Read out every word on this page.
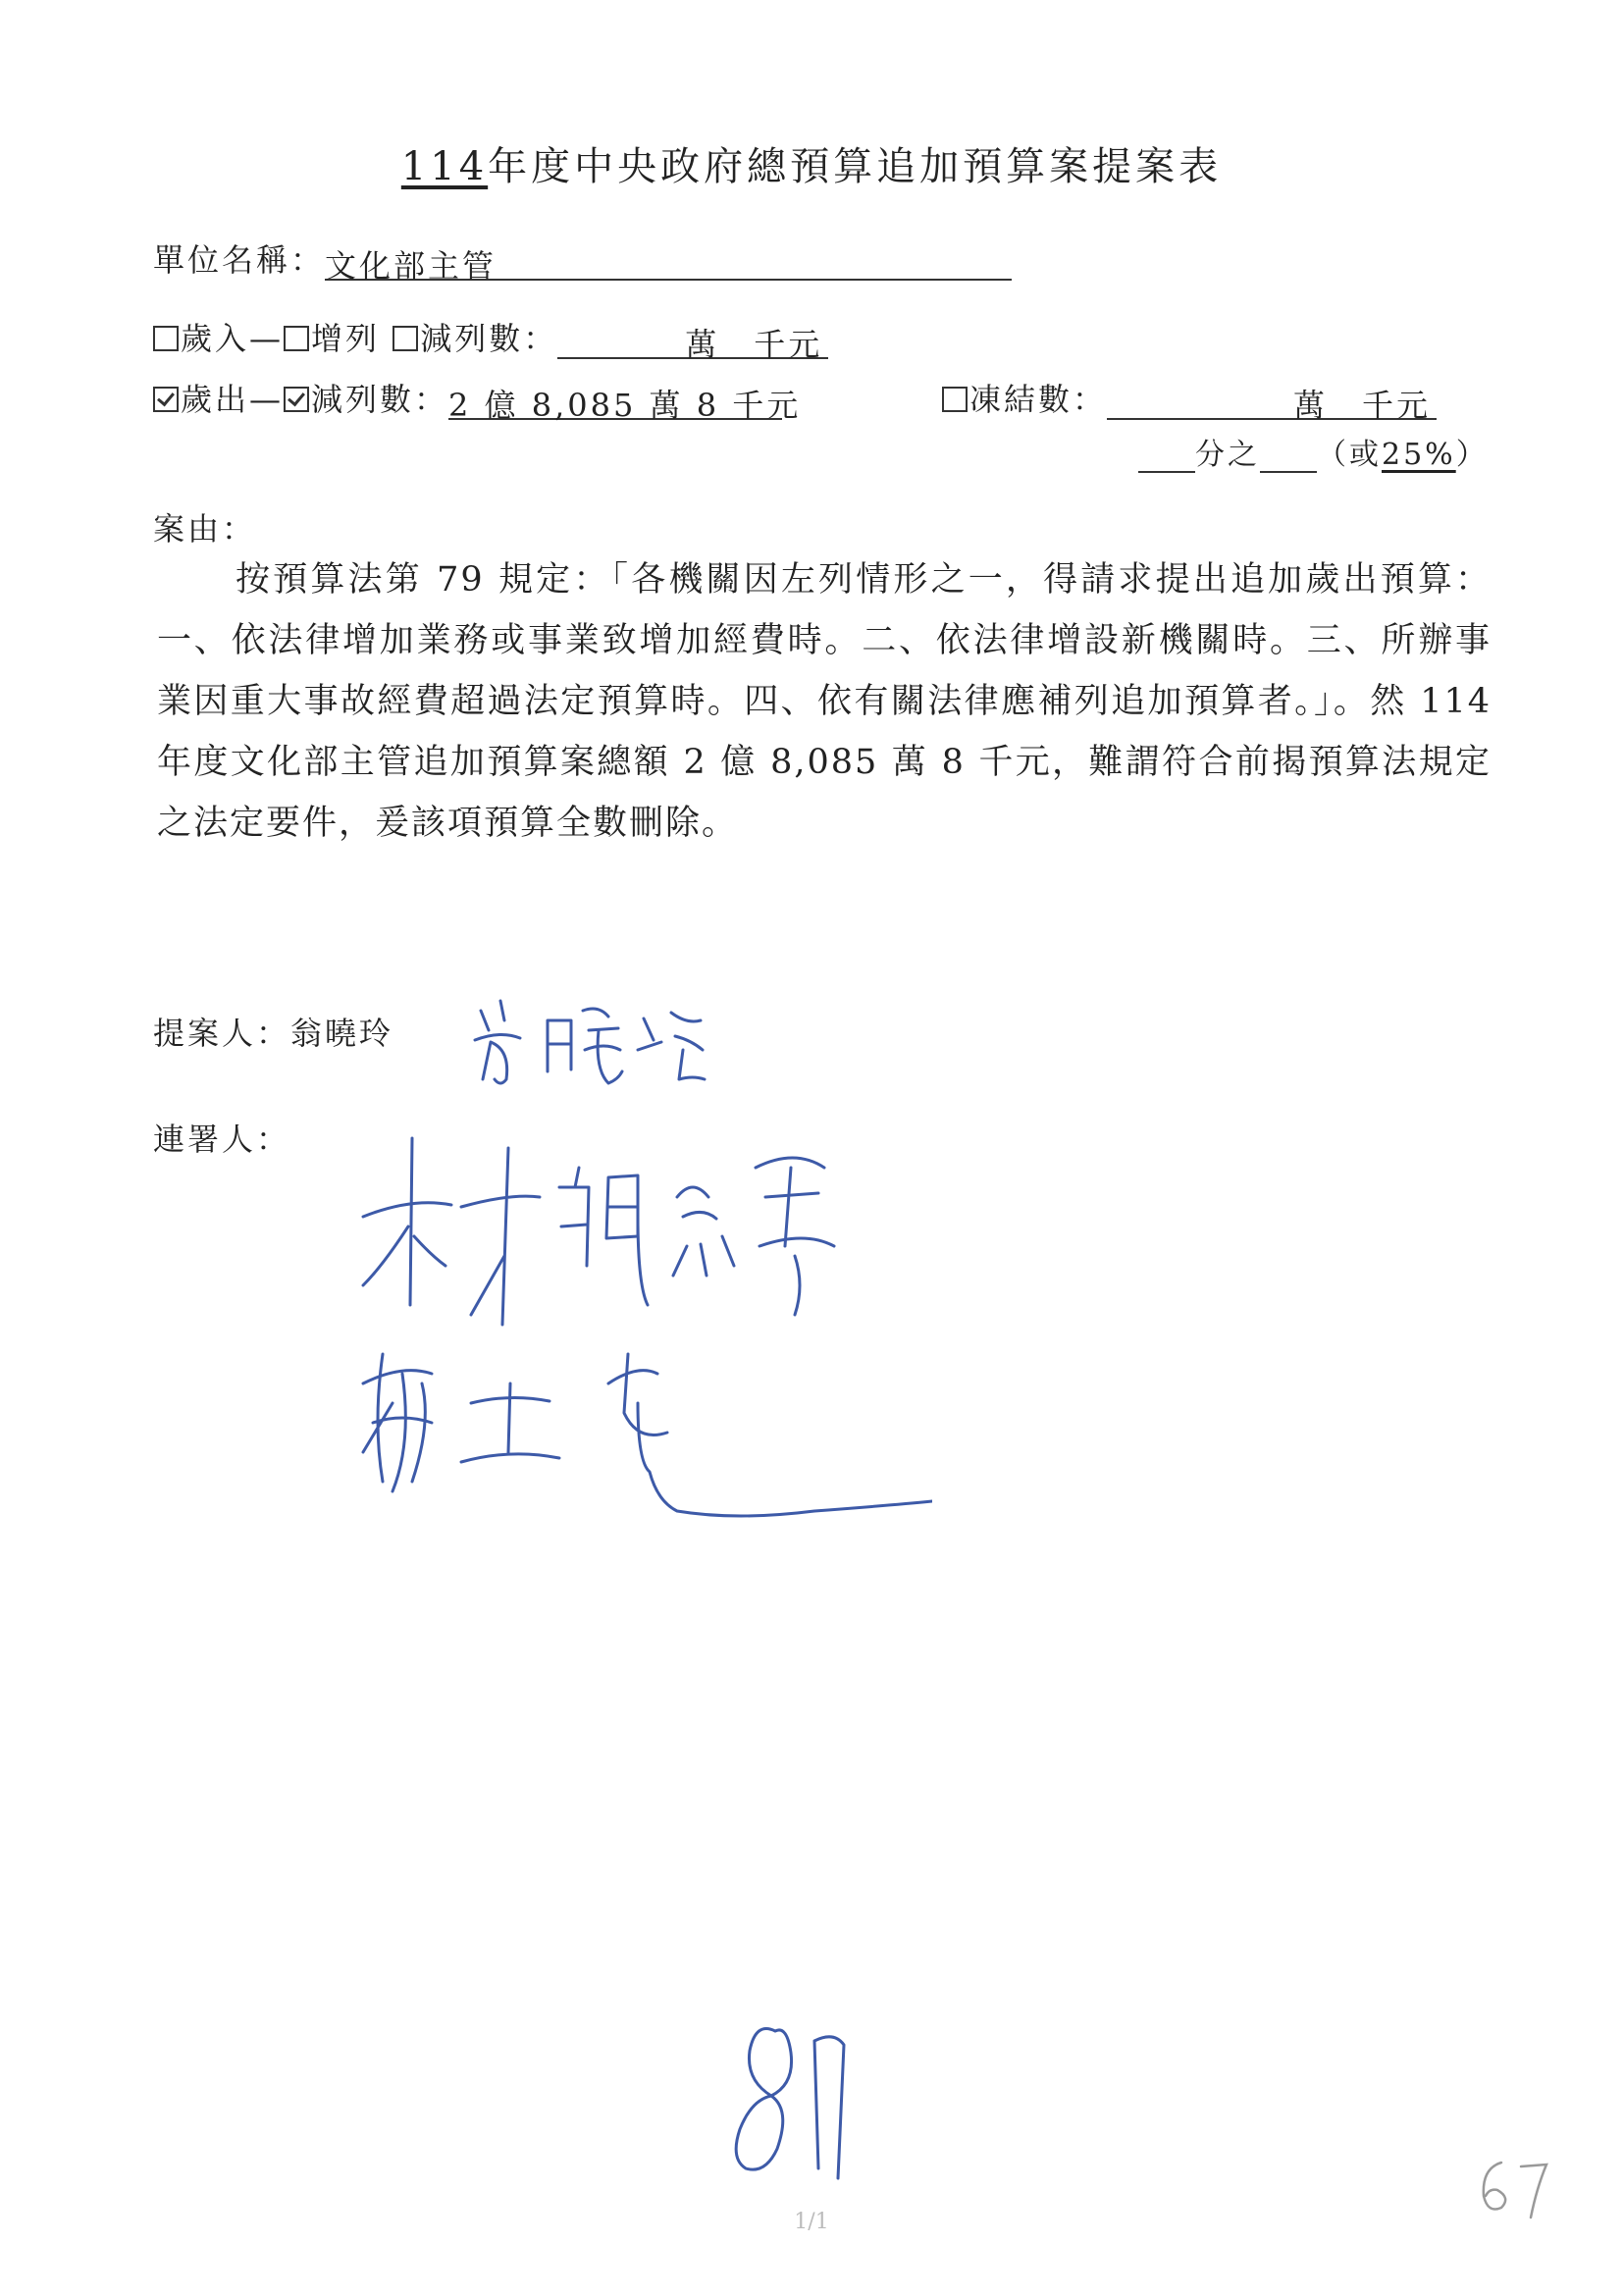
114年度中央政府總預算追加預算案提案表
單位名稱：文化部主管
歲入— 增列 減列數：	萬　千元
歲出— 減列數：2 億 8,085 萬 8 千元	凍結數：	萬　千元
分之 （或25%）
案由：
按預算法第 79 規定：「各機關因左列情形之一，得請求提出追加歲出預算：一、依法律增加業務或事業致增加經費時。二、依法律增設新機關時。三、所辦事業因重大事故經費超過法定預算時。四、依有關法律應補列追加預算者。」。然 114 年度文化部主管追加預算案總額 2 億 8,085 萬 8 千元，難謂符合前揭預算法規定之法定要件，爰該項預算全數刪除。
提案人：翁曉玲
連署人：
1/1
